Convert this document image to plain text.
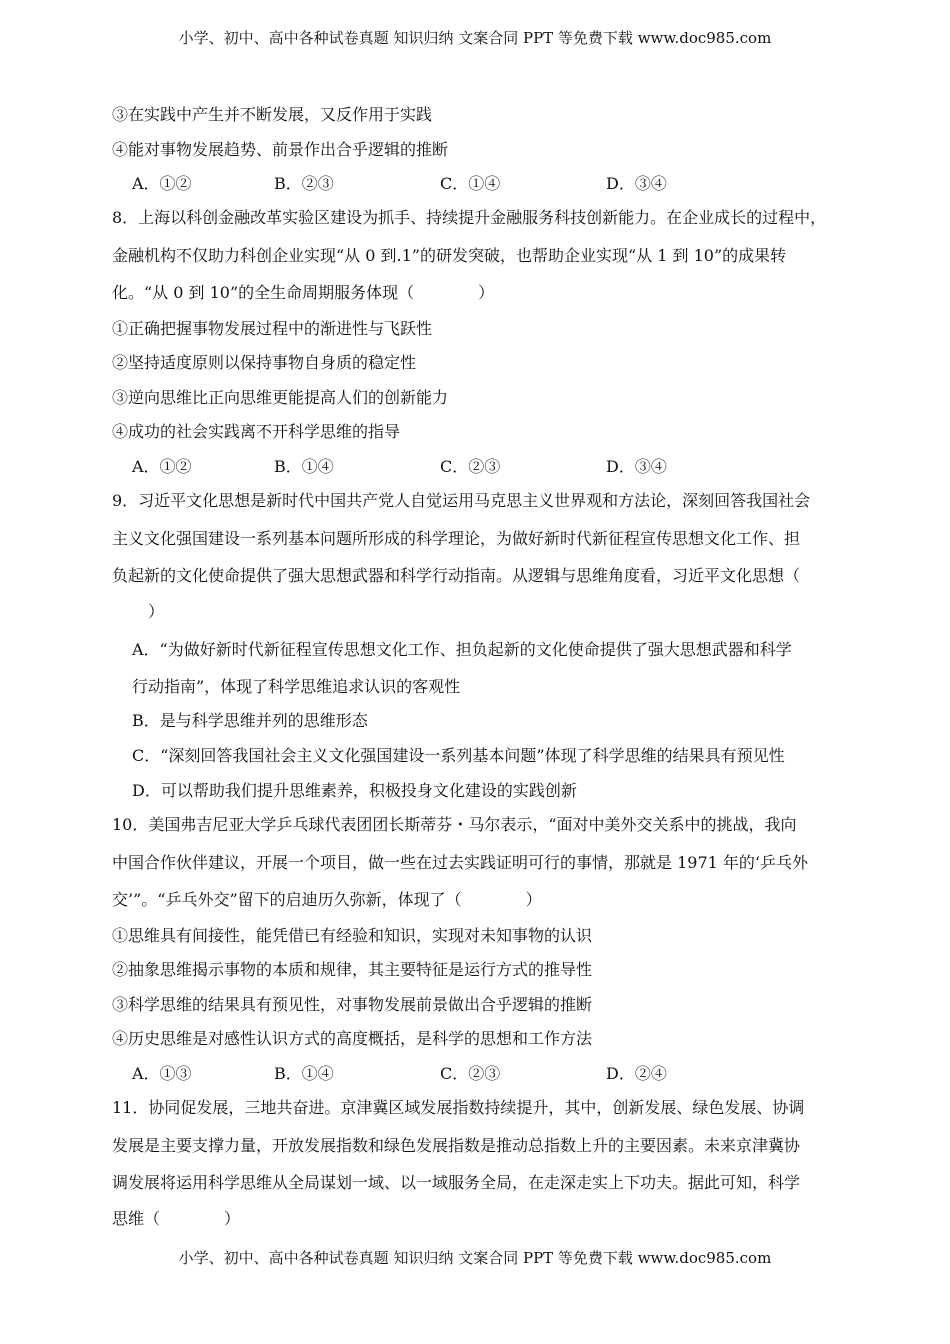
小学、初中、高中各种试卷真题 知识归纳 文案合同 PPT 等免费下载 www.doc985.com
③在实践中产生并不断发展，又反作用于实践
④能对事物发展趋势、前景作出合乎逻辑的推断
A．①②	B．②③	C．①④	D．③④
8．上海以科创金融改革实验区建设为抓手、持续提升金融服务科技创新能力。在企业成长的过程中，
金融机构不仅助力科创企业实现“从 0 到.1”的研发突破，也帮助企业实现“从 1 到 10”的成果转
化。“从 0 到 10”的全生命周期服务体现（　　　　）
①正确把握事物发展过程中的渐进性与飞跃性
②坚持适度原则以保持事物自身质的稳定性
③逆向思维比正向思维更能提高人们的创新能力
④成功的社会实践离不开科学思维的指导
A．①②	B．①④	C．②③	D．③④
9．习近平文化思想是新时代中国共产党人自觉运用马克思主义世界观和方法论，深刻回答我国社会
主义文化强国建设一系列基本问题所形成的科学理论，为做好新时代新征程宣传思想文化工作、担
负起新的文化使命提供了强大思想武器和科学行动指南。从逻辑与思维角度看，习近平文化思想（
）
A．“为做好新时代新征程宣传思想文化工作、担负起新的文化使命提供了强大思想武器和科学
行动指南”，体现了科学思维追求认识的客观性
B．是与科学思维并列的思维形态
C．“深刻回答我国社会主义文化强国建设一系列基本问题”体现了科学思维的结果具有预见性
D．可以帮助我们提升思维素养，积极投身文化建设的实践创新
10．美国弗吉尼亚大学乒乓球代表团团长斯蒂芬・马尔表示，“面对中美外交关系中的挑战，我向
中国合作伙伴建议，开展一个项目，做一些在过去实践证明可行的事情，那就是 1971 年的‘乒乓外
交’”。“乒乓外交”留下的启迪历久弥新，体现了（　　　　）
①思维具有间接性，能凭借已有经验和知识，实现对未知事物的认识
②抽象思维揭示事物的本质和规律，其主要特征是运行方式的推导性
③科学思维的结果具有预见性，对事物发展前景做出合乎逻辑的推断
④历史思维是对感性认识方式的高度概括，是科学的思想和工作方法
A．①③	B．①④	C．②③	D．②④
11．协同促发展，三地共奋进。京津冀区域发展指数持续提升，其中，创新发展、绿色发展、协调
发展是主要支撑力量，开放发展指数和绿色发展指数是推动总指数上升的主要因素。未来京津冀协
调发展将运用科学思维从全局谋划一域、以一域服务全局，在走深走实上下功夫。据此可知，科学
思维（　　　　）
小学、初中、高中各种试卷真题 知识归纳 文案合同 PPT 等免费下载 www.doc985.com
